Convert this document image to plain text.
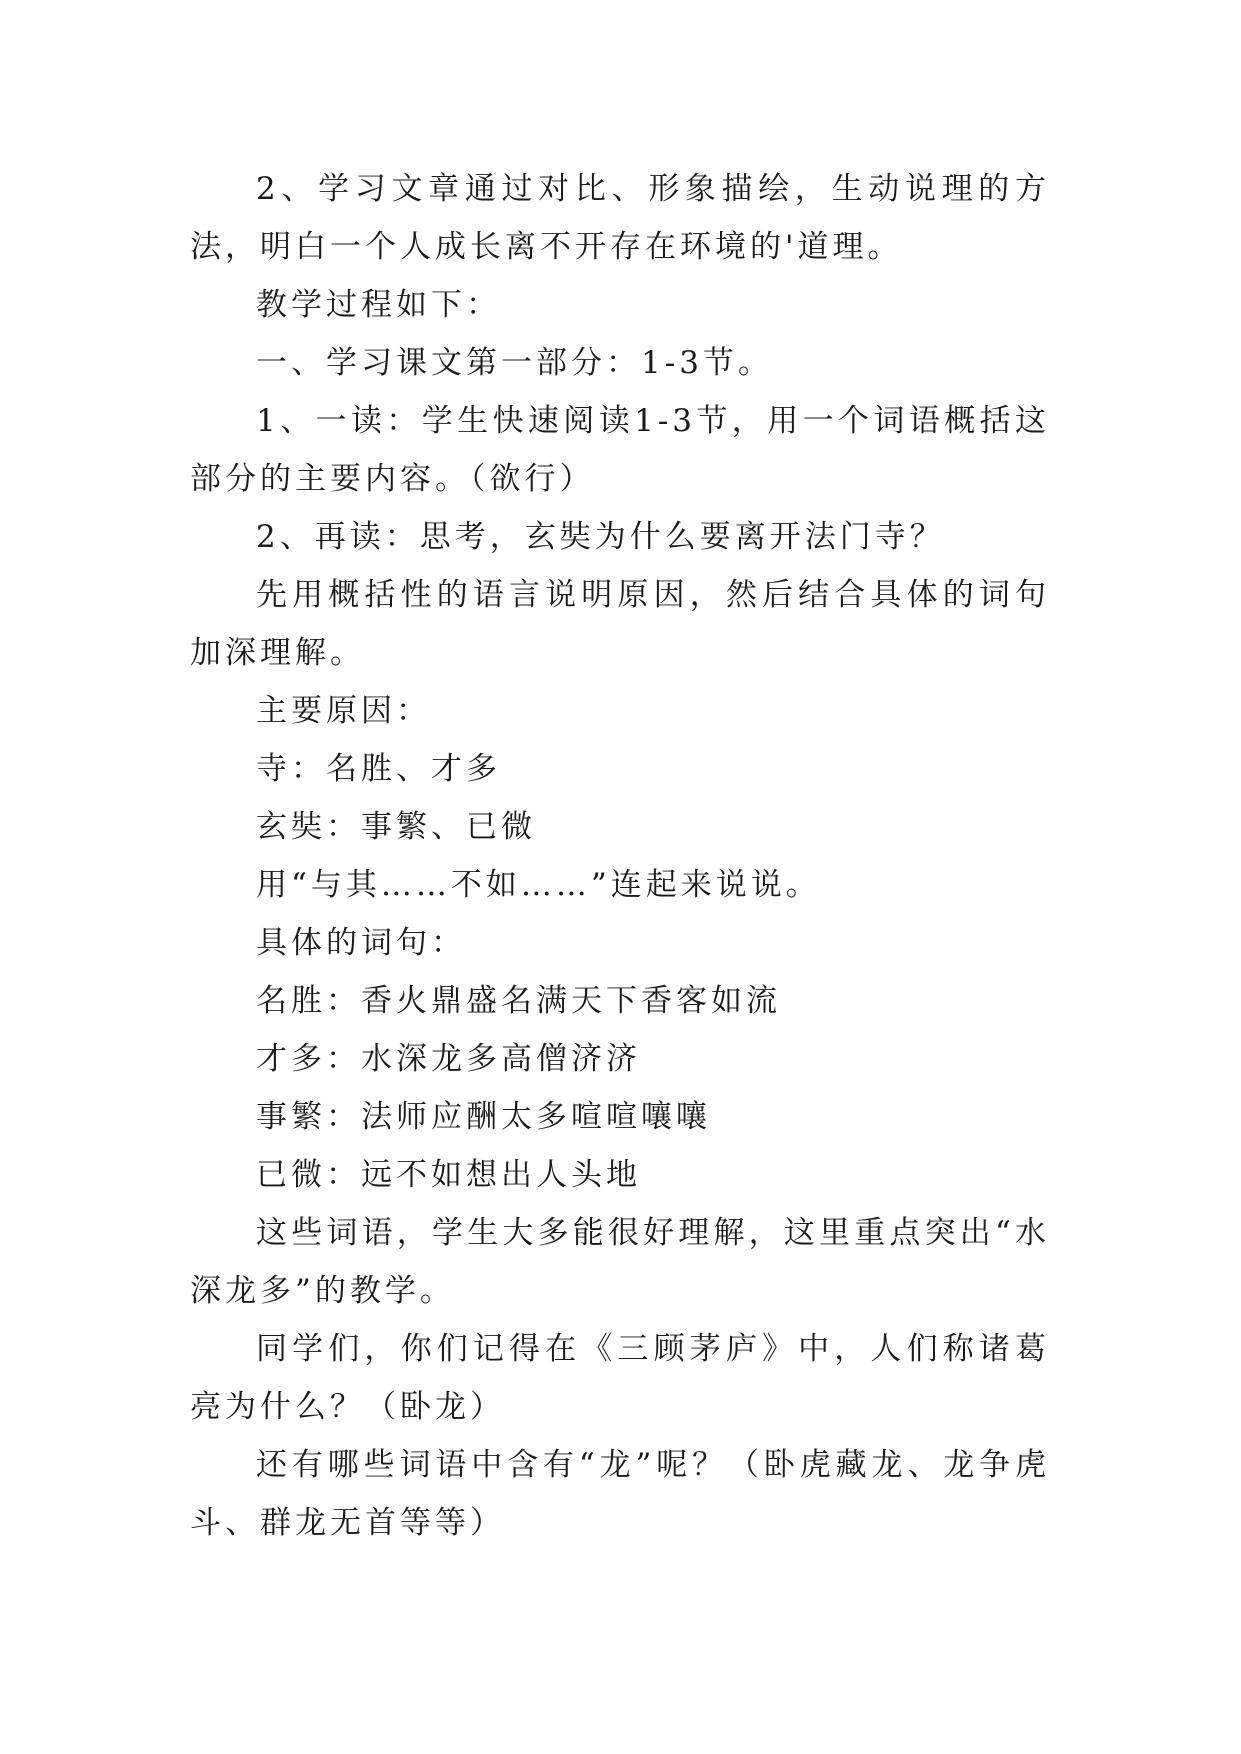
2、学习文章通过对比、形象描绘，生动说理的方法，明白一个人成长离不开存在环境的'道理。

教学过程如下：

一、学习课文第一部分：1-3节。

1、一读：学生快速阅读1-3节，用一个词语概括这部分的主要内容。（欲行）

2、再读：思考，玄奘为什么要离开法门寺？

先用概括性的语言说明原因，然后结合具体的词句加深理解。

主要原因：

寺：名胜、才多

玄奘：事繁、已微

用“与其……不如……”连起来说说。

具体的词句：

名胜：香火鼎盛名满天下香客如流

才多：水深龙多高僧济济

事繁：法师应酬太多喧喧嚷嚷

已微：远不如想出人头地

这些词语，学生大多能很好理解，这里重点突出“水深龙多”的教学。

同学们，你们记得在《三顾茅庐》中，人们称诸葛亮为什么？（卧龙）

还有哪些词语中含有“龙”呢？（卧虎藏龙、龙争虎斗、群龙无首等等）
